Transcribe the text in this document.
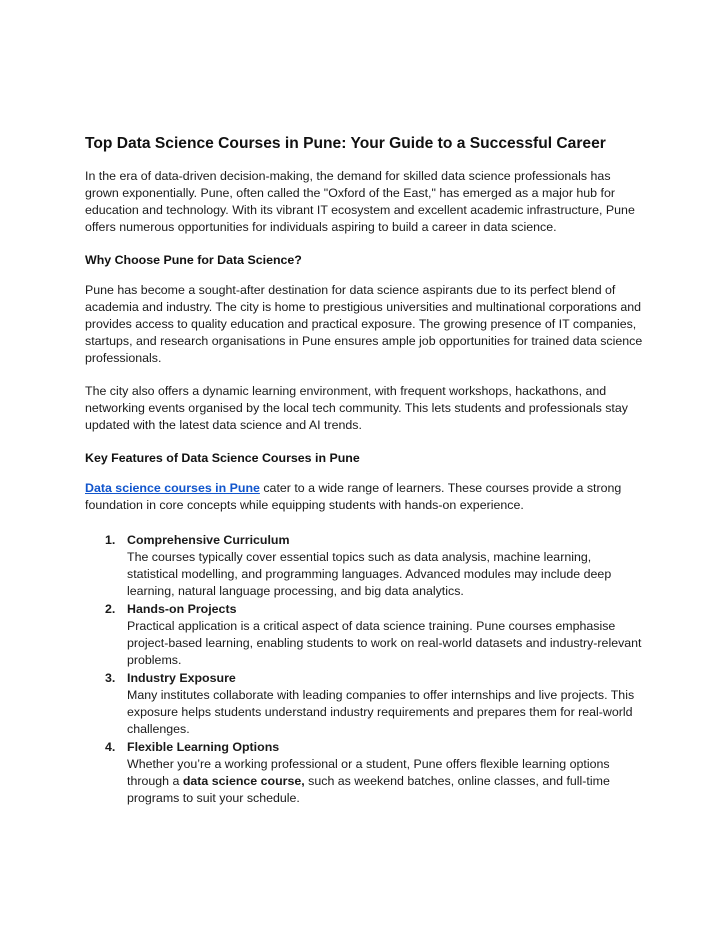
Top Data Science Courses in Pune: Your Guide to a Successful Career

In the era of data-driven decision-making, the demand for skilled data science professionals has grown exponentially. Pune, often called the "Oxford of the East," has emerged as a major hub for education and technology. With its vibrant IT ecosystem and excellent academic infrastructure, Pune offers numerous opportunities for individuals aspiring to build a career in data science.

Why Choose Pune for Data Science?

Pune has become a sought-after destination for data science aspirants due to its perfect blend of academia and industry. The city is home to prestigious universities and multinational corporations and provides access to quality education and practical exposure. The growing presence of IT companies, startups, and research organisations in Pune ensures ample job opportunities for trained data science professionals.

The city also offers a dynamic learning environment, with frequent workshops, hackathons, and networking events organised by the local tech community. This lets students and professionals stay updated with the latest data science and AI trends.

Key Features of Data Science Courses in Pune

Data science courses in Pune cater to a wide range of learners. These courses provide a strong foundation in core concepts while equipping students with hands-on experience.

1. Comprehensive Curriculum
The courses typically cover essential topics such as data analysis, machine learning, statistical modelling, and programming languages. Advanced modules may include deep learning, natural language processing, and big data analytics.
2. Hands-on Projects
Practical application is a critical aspect of data science training. Pune courses emphasise project-based learning, enabling students to work on real-world datasets and industry-relevant problems.
3. Industry Exposure
Many institutes collaborate with leading companies to offer internships and live projects. This exposure helps students understand industry requirements and prepares them for real-world challenges.
4. Flexible Learning Options
Whether you’re a working professional or a student, Pune offers flexible learning options through a data science course, such as weekend batches, online classes, and full-time programs to suit your schedule.
